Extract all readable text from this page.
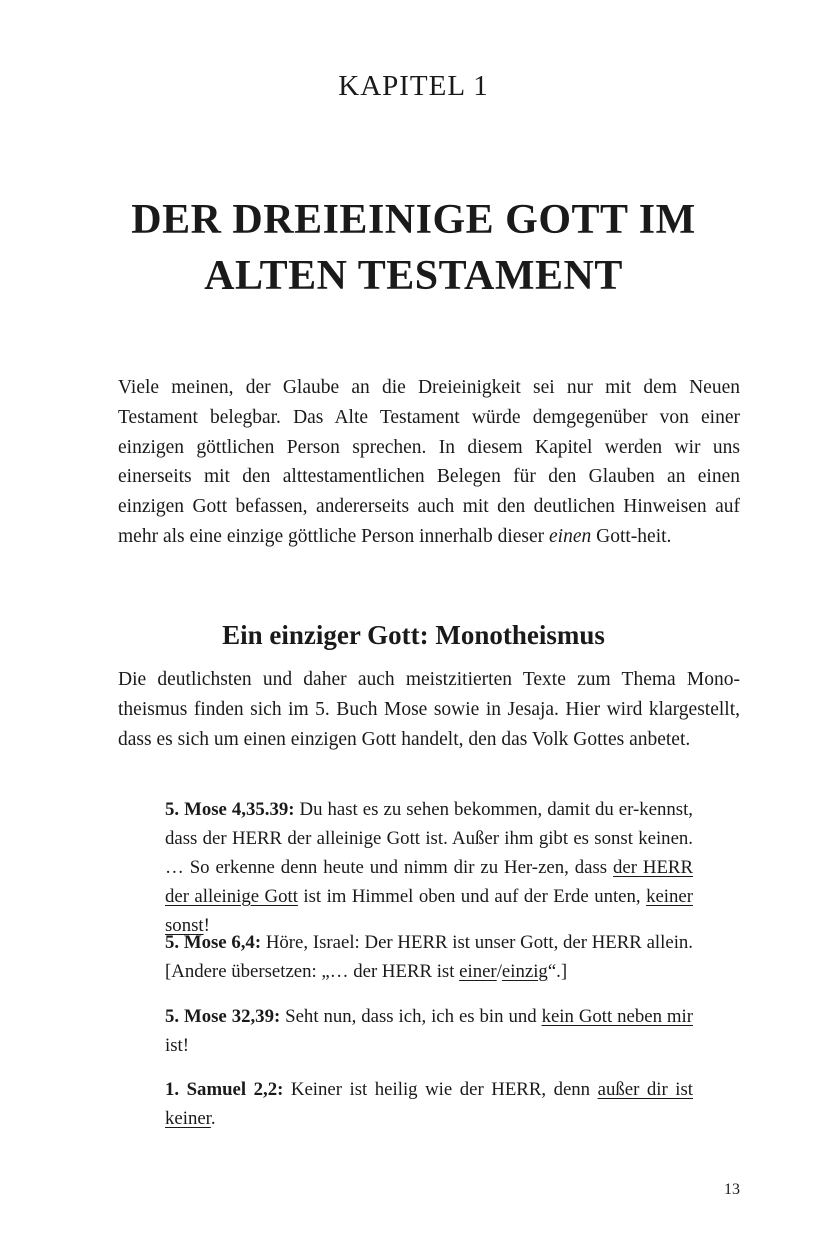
KAPITEL 1
DER DREIEINIGE GOTT IM
ALTEN TESTAMENT

Viele meinen, der Glaube an die Dreieinigkeit sei nur mit dem Neuen Testament belegbar. Das Alte Testament würde demgegenüber von einer einzigen göttlichen Person sprechen. In diesem Kapitel werden wir uns einerseits mit den alttestamentlichen Belegen für den Glauben an einen einzigen Gott befassen, andererseits auch mit den deutlichen Hinweisen auf mehr als eine einzige göttliche Person innerhalb dieser einen Gott-heit.

Ein einziger Gott: Monotheismus

Die deutlichsten und daher auch meistzitierten Texte zum Thema Mono-theismus finden sich im 5. Buch Mose sowie in Jesaja. Hier wird klargestellt, dass es sich um einen einzigen Gott handelt, den das Volk Gottes anbetet.

5. Mose 4,35.39: Du hast es zu sehen bekommen, damit du er-kennst, dass der HERR der alleinige Gott ist. Außer ihm gibt es sonst keinen. … So erkenne denn heute und nimm dir zu Her-zen, dass der HERR der alleinige Gott ist im Himmel oben und auf der Erde unten, keiner sonst!

5. Mose 6,4: Höre, Israel: Der HERR ist unser Gott, der HERR allein. [Andere übersetzen: „… der HERR ist einer/einzig“.]

5. Mose 32,39: Seht nun, dass ich, ich es bin und kein Gott neben mir ist!

1. Samuel 2,2: Keiner ist heilig wie der HERR, denn außer dir ist keiner.

13
